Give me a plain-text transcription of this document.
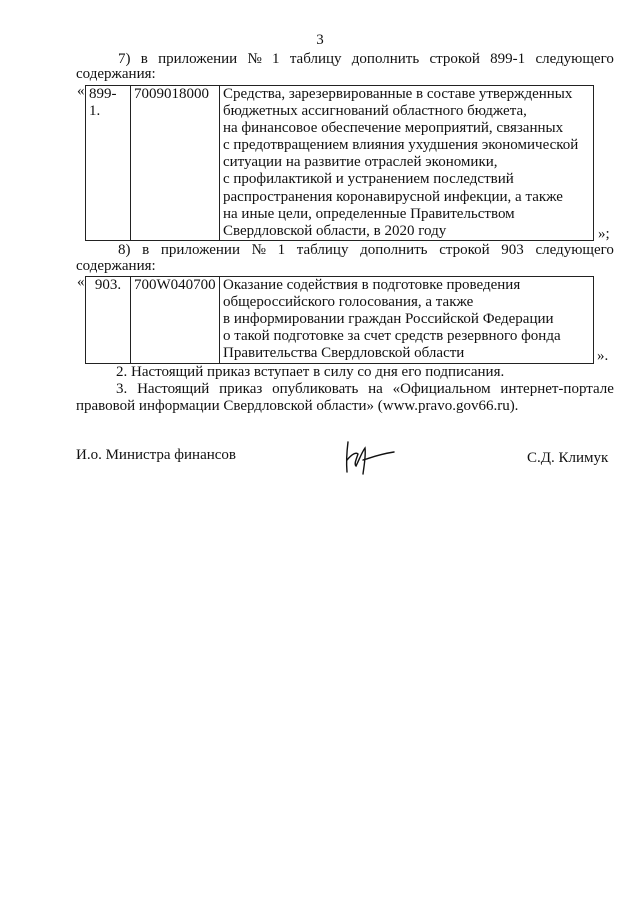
3
7) в приложении № 1 таблицу дополнить строкой 899-1 следующего
содержания:
« 899-1.	7009018000	Средства, зарезервированные в составе утвержденных
бюджетных ассигнований областного бюджета,
на финансовое обеспечение мероприятий, связанных
с предотвращением влияния ухудшения экономической
ситуации на развитие отраслей экономики,
с профилактикой и устранением последствий
распространения коронавирусной инфекции, а также
на иные цели, определенные Правительством
Свердловской области, в 2020 году	»;
8) в приложении № 1 таблицу дополнить строкой 903 следующего
содержания:
« 903.	700W040700	Оказание содействия в подготовке проведения
общероссийского голосования, а также
в информировании граждан Российской Федерации
о такой подготовке за счет средств резервного фонда
Правительства Свердловской области	».
2. Настоящий приказ вступает в силу со дня его подписания.
3. Настоящий приказ опубликовать на «Официальном интернет-портале
правовой информации Свердловской области» (www.pravo.gov66.ru).
И.о. Министра финансов	С.Д. Климук
